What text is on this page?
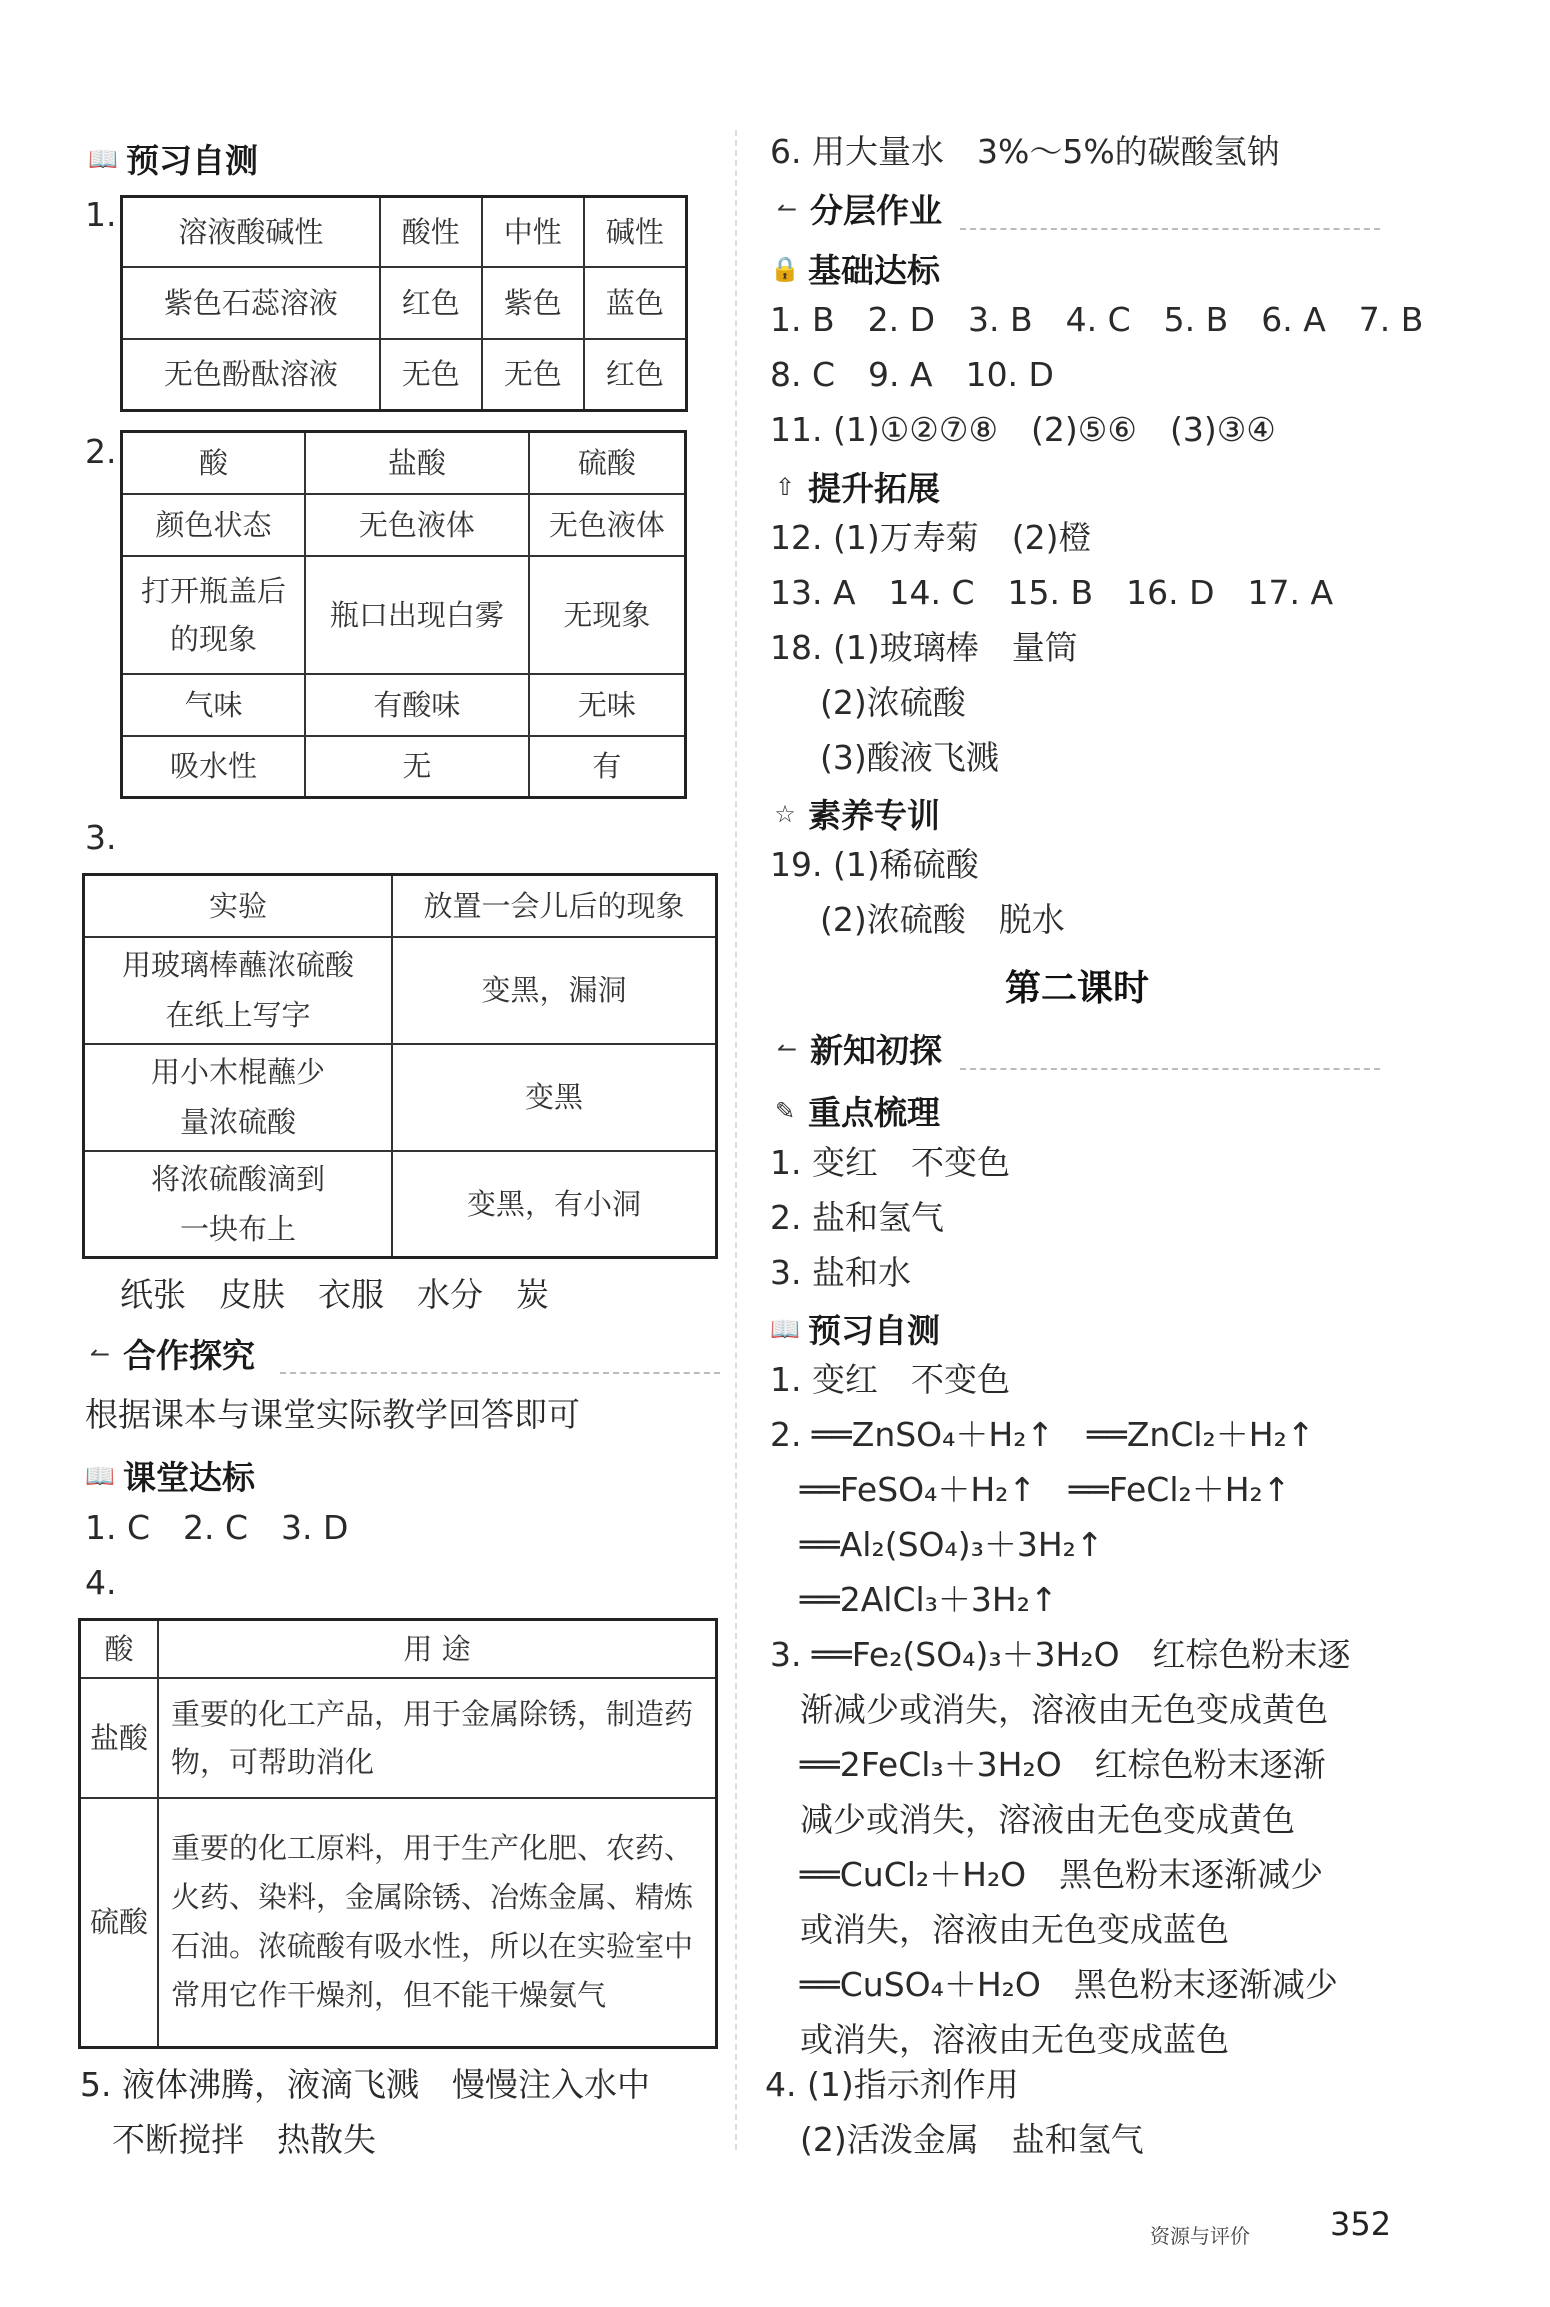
📖 预习自测
1. 溶液酸碱性	酸性	中性	碱性
紫色石蕊溶液	红色	紫色	蓝色
无色酚酞溶液	无色	无色	红色
2.	酸	盐酸	硫酸
颜色状态	无色液体	无色液体
打开瓶盖后的现象	瓶口出现白雾	无现象
气味	有酸味	无味
吸水性	无	有
3.
实验	放置一会儿后的现象
用玻璃棒蘸浓硫酸在纸上写字	变黑，漏洞
用小木棍蘸少量浓硫酸	变黑
将浓硫酸滴到一块布上	变黑，有小洞
纸张　皮肤　衣服　水分　炭
↼ 合作探究
根据课本与课堂实际教学回答即可
📖 课堂达标
1. C　2. C　3. D
4.
酸	用 途
盐酸	重要的化工产品，用于金属除锈，制造药物，可帮助消化
硫酸	重要的化工原料，用于生产化肥、农药、火药、染料，金属除锈、冶炼金属、精炼石油。浓硫酸有吸水性，所以在实验室中常用它作干燥剂，但不能干燥氨气
5. 液体沸腾，液滴飞溅　慢慢注入水中
不断搅拌　热散失
6. 用大量水　3%～5%的碳酸氢钠
↼ 分层作业
🔒 基础达标
1. B　2. D　3. B　4. C　5. B　6. A　7. B
8. C　9. A　10. D
11. (1)①②⑦⑧　(2)⑤⑥　(3)③④
⇧ 提升拓展
12. (1)万寿菊　(2)橙
13. A　14. C　15. B　16. D　17. A
18. (1)玻璃棒　量筒
(2)浓硫酸
(3)酸液飞溅
☆ 素养专训
19. (1)稀硫酸
(2)浓硫酸　脱水
第二课时
↼ 新知初探
✎ 重点梳理
1. 变红　不变色
2. 盐和氢气
3. 盐和水
📖 预习自测
1. 变红　不变色
2. ══ZnSO₄＋H₂↑　══ZnCl₂＋H₂↑
══FeSO₄＋H₂↑　══FeCl₂＋H₂↑
══Al₂(SO₄)₃＋3H₂↑
══2AlCl₃＋3H₂↑
3. ══Fe₂(SO₄)₃＋3H₂O　红棕色粉末逐
渐减少或消失，溶液由无色变成黄色
══2FeCl₃＋3H₂O　红棕色粉末逐渐
减少或消失，溶液由无色变成黄色
══CuCl₂＋H₂O　黑色粉末逐渐减少
或消失，溶液由无色变成蓝色
══CuSO₄＋H₂O　黑色粉末逐渐减少
或消失，溶液由无色变成蓝色
4. (1)指示剂作用
(2)活泼金属　盐和氢气
资源与评价	352
